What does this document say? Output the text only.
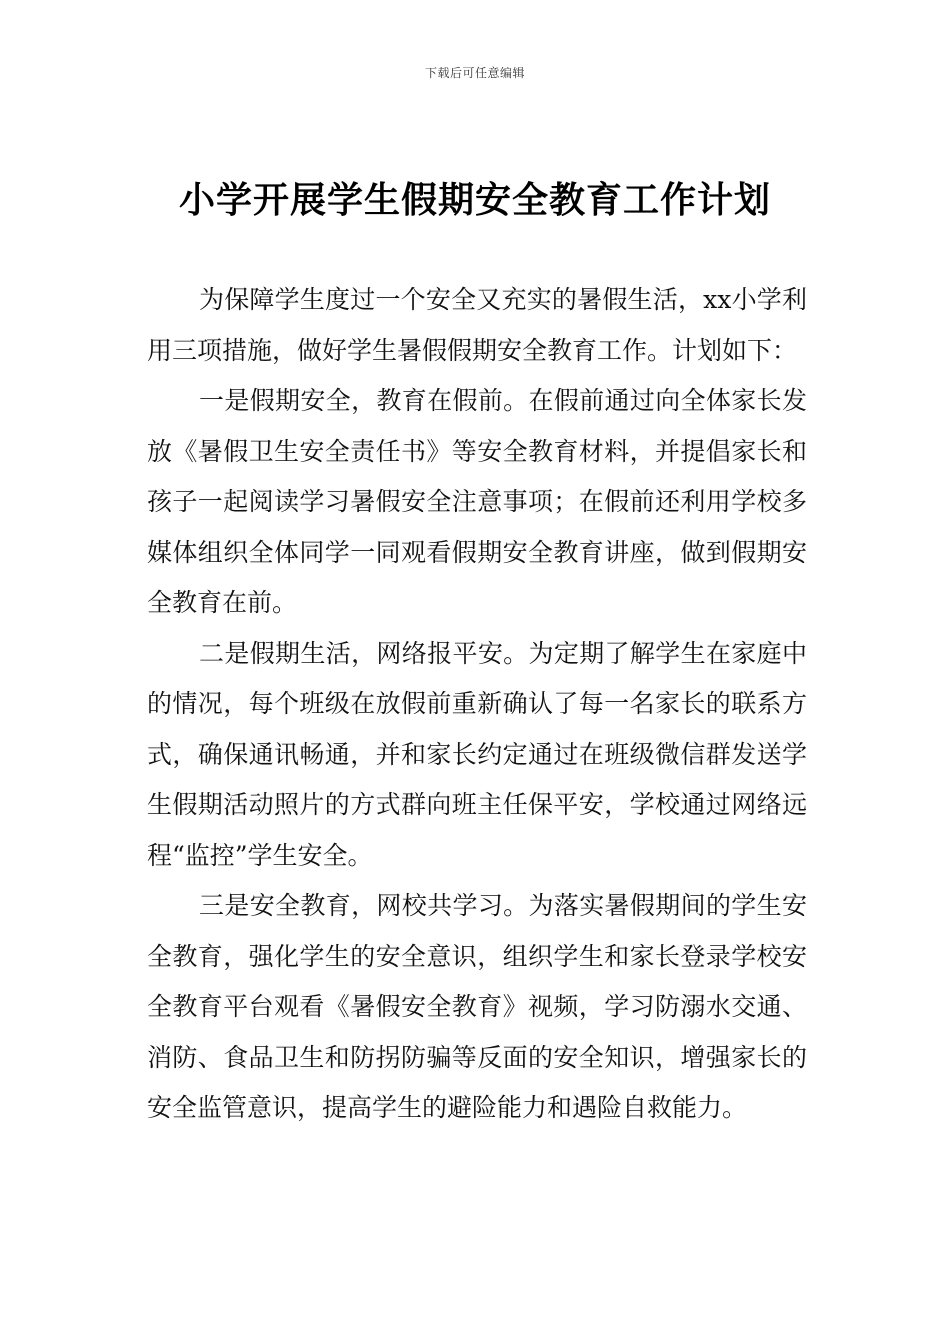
下载后可任意编辑
小学开展学生假期安全教育工作计划

为保障学生度过一个安全又充实的暑假生活，xx小学利用三项措施，做好学生暑假假期安全教育工作。计划如下：

一是假期安全，教育在假前。在假前通过向全体家长发放《暑假卫生安全责任书》等安全教育材料，并提倡家长和孩子一起阅读学习暑假安全注意事项；在假前还利用学校多媒体组织全体同学一同观看假期安全教育讲座，做到假期安全教育在前。

二是假期生活，网络报平安。为定期了解学生在家庭中的情况，每个班级在放假前重新确认了每一名家长的联系方式，确保通讯畅通，并和家长约定通过在班级微信群发送学生假期活动照片的方式群向班主任保平安，学校通过网络远程“监控”学生安全。

三是安全教育，网校共学习。为落实暑假期间的学生安全教育，强化学生的安全意识，组织学生和家长登录学校安全教育平台观看《暑假安全教育》视频，学习防溺水交通、消防、食品卫生和防拐防骗等反面的安全知识，增强家长的安全监管意识，提高学生的避险能力和遇险自救能力。
